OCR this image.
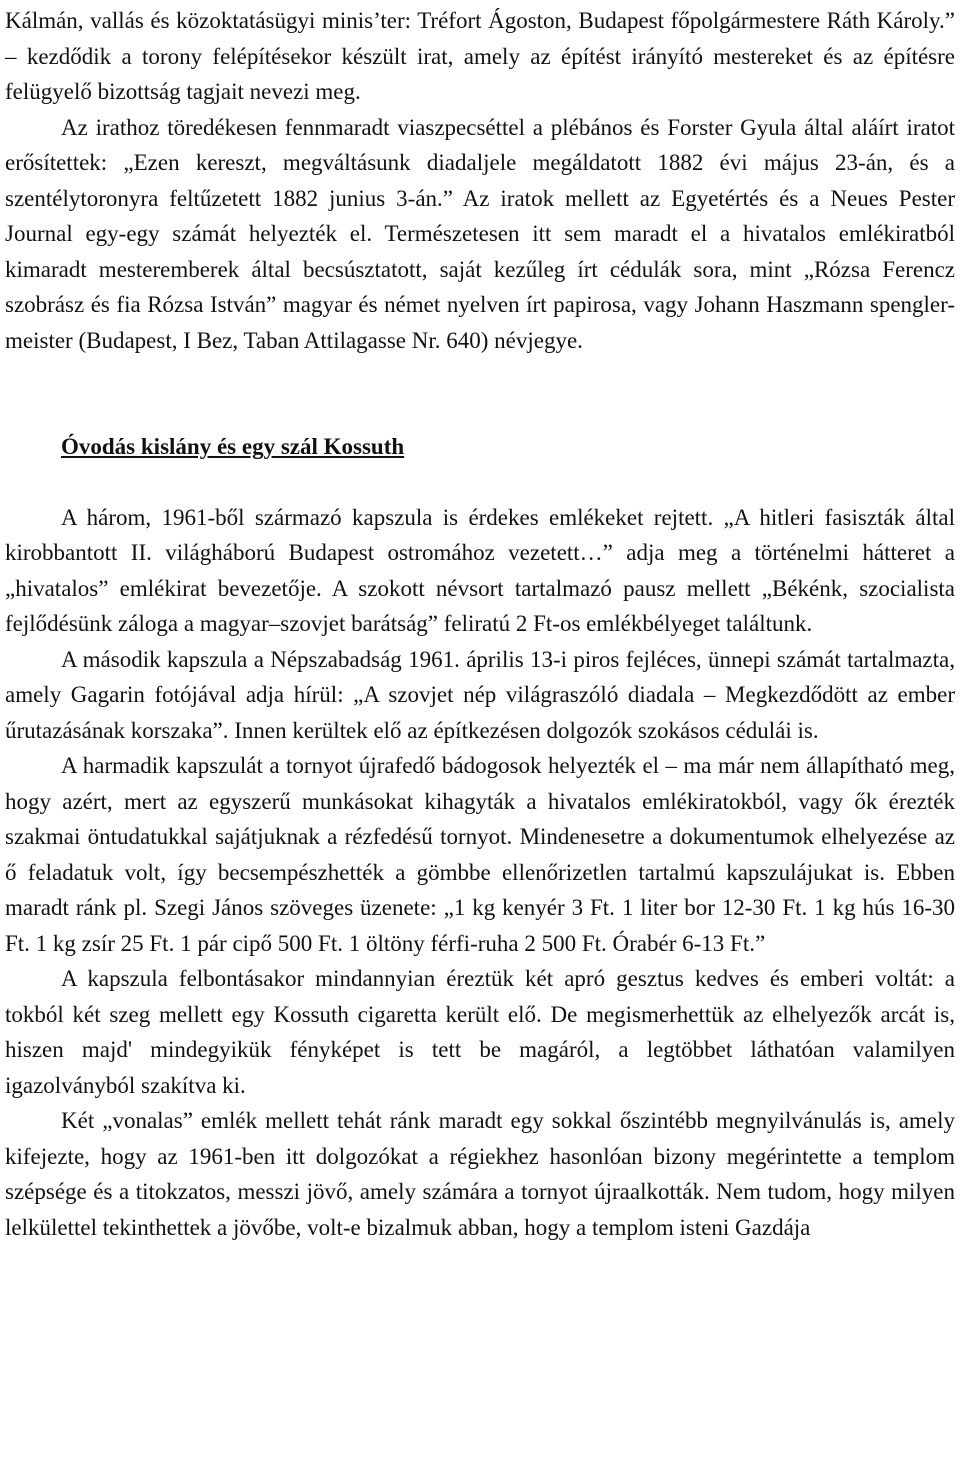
Kálmán, vallás és közoktatásügyi minis’ter: Tréfort Ágoston, Budapest főpolgármestere Ráth Károly.” – kezdődik a torony felépítésekor készült irat, amely az építést irányító mestereket és az építésre felügyelő bizottság tagjait nevezi meg.

Az irathoz töredékesen fennmaradt viaszpecséttel a plébános és Forster Gyula által aláírt iratot erősítettek: „Ezen kereszt, megváltásunk diadaljele megáldatott 1882 évi május 23-án, és a szentélytoronyra feltűzetett 1882 junius 3-án.” Az iratok mellett az Egyetértés és a Neues Pester Journal egy-egy számát helyezték el. Természetesen itt sem maradt el a hivatalos emlékiratból kimaradt mesteremberek által becsúsztatott, saját kezűleg írt cédulák sora, mint „Rózsa Ferencz szobrász és fia Rózsa István” magyar és német nyelven írt papirosa, vagy Johann Haszmann spengler-meister (Budapest, I Bez, Taban Attilagasse Nr. 640) névjegye.

Óvodás kislány és egy szál Kossuth

A három, 1961-ből származó kapszula is érdekes emlékeket rejtett. „A hitleri fasiszták által kirobbantott II. világháború Budapest ostromához vezetett…” adja meg a történelmi hátteret a „hivatalos” emlékirat bevezetője. A szokott névsort tartalmazó pausz mellett „Békénk, szocialista fejlődésünk záloga a magyar–szovjet barátság” feliratú 2 Ft-os emlékbélyeget találtunk.

A második kapszula a Népszabadság 1961. április 13-i piros fejléces, ünnepi számát tartalmazta, amely Gagarin fotójával adja hírül: „A szovjet nép világraszóló diadala – Megkezdődött az ember űrutazásának korszaka”. Innen kerültek elő az építkezésen dolgozók szokásos cédulái is.

A harmadik kapszulát a tornyot újrafedő bádogosok helyezték el – ma már nem állapítható meg, hogy azért, mert az egyszerű munkásokat kihagyták a hivatalos emlékiratokból, vagy ők érezték szakmai öntudatukkal sajátjuknak a rézfedésű tornyot. Mindenesetre a dokumentumok elhelyezése az ő feladatuk volt, így becsempészhették a gömbbe ellenőrizetlen tartalmú kapszulájukat is. Ebben maradt ránk pl. Szegi János szöveges üzenete: „1 kg kenyér 3 Ft. 1 liter bor 12-30 Ft. 1 kg hús 16-30 Ft. 1 kg zsír 25 Ft. 1 pár cipő 500 Ft. 1 öltöny férfi-ruha 2 500 Ft. Órabér 6-13 Ft.”

A kapszula felbontásakor mindannyian éreztük két apró gesztus kedves és emberi voltát: a tokból két szeg mellett egy Kossuth cigaretta került elő. De megismerhettük az elhelyezők arcát is, hiszen majd' mindegyikük fényképet is tett be magáról, a legtöbbet láthatóan valamilyen igazolványból szakítva ki.

Két „vonalas” emlék mellett tehát ránk maradt egy sokkal őszintébb megnyilvánulás is, amely kifejezte, hogy az 1961-ben itt dolgozókat a régiekhez hasonlóan bizony megérintette a templom szépsége és a titokzatos, messzi jövő, amely számára a tornyot újraalkották. Nem tudom, hogy milyen lelkülettel tekinthettek a jövőbe, volt-e bizalmuk abban, hogy a templom isteni Gazdája
